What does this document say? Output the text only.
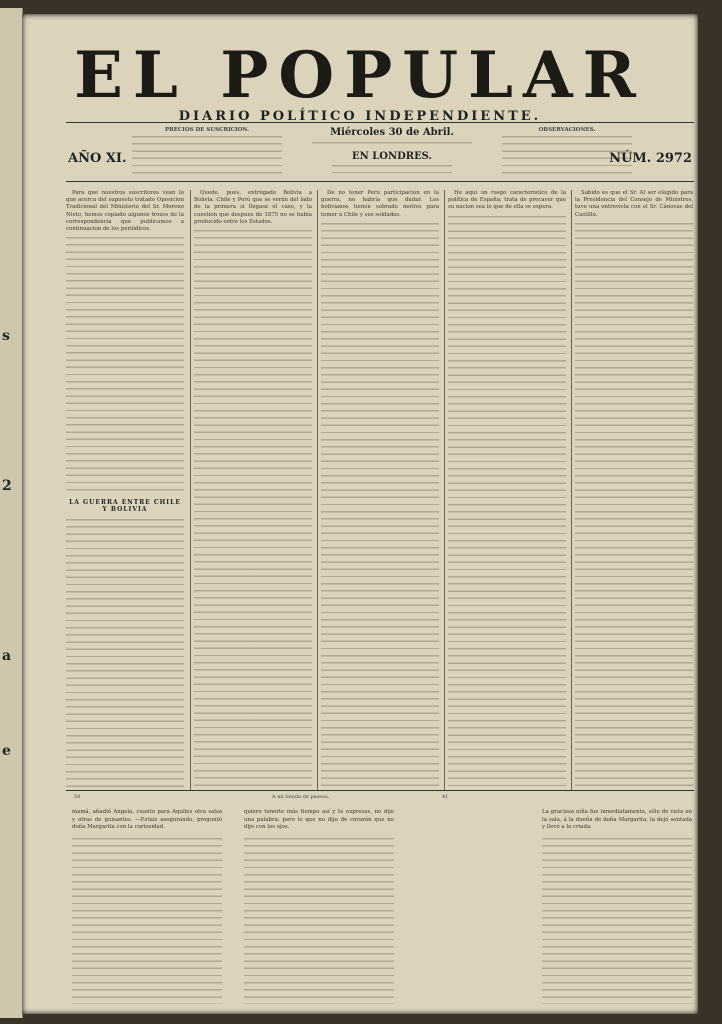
s
2
a
e
EL POPULAR
DIARIO POLÍTICO INDEPENDIENTE.
AÑO XI.
PRECIOS DE SUSCRICION.	Miércoles 30 de Abril.
EN LONDRES.
OBSERVACIONES.
NÚM. 2972

Para que nuestros suscritores vean lo que acerca del supuesto tratado Oposicion Tradicional del Ministerio del Sr. Moreno Nieto, hemos copiado algunos trozos de la correspondencia que publicamos a continuacion de los periódicos.

LA GUERRA ENTRE CHILE Y BOLIVIA

Quede, pues, entregado Bolivia a Bolivia. Chile y Perú que se verán del lado de la primera si llegase el caso, y la cuestion que despues de 1875 no se había producido entre los Estados.

De no tener Perú participacion en la guerra, no habría que dudar. Los bolivianos tienen sobrado motivo para temer a Chile y sus soldados.

He aquí un rasgo característico de la política de España; trata de precaver que su nacion sea lo que de ella se espera.

Sabido es que el Sr. Al ser elegido para la Presidencia del Consejo de Ministros, tuvo una entrevista con el Sr. Cánovas del Castillo.

54	A mi tienda de paseos.	41

mamá, añadió Angela, cuanto para Aquiles otra salsa y otras de guisantes. —Estais asegurando, preguntó doña Margarita con la curiosidad.

quiero tenerte más tiempo así y te expresas, no dijo una palabra; pero lo que no dijo de corazón que no dijo con los ojos.

La graciosa niña fue inmediatamente, sólo de vista en la sala, á la dueña de doña Margarita, la dejó sentada y llevó a la criada.
